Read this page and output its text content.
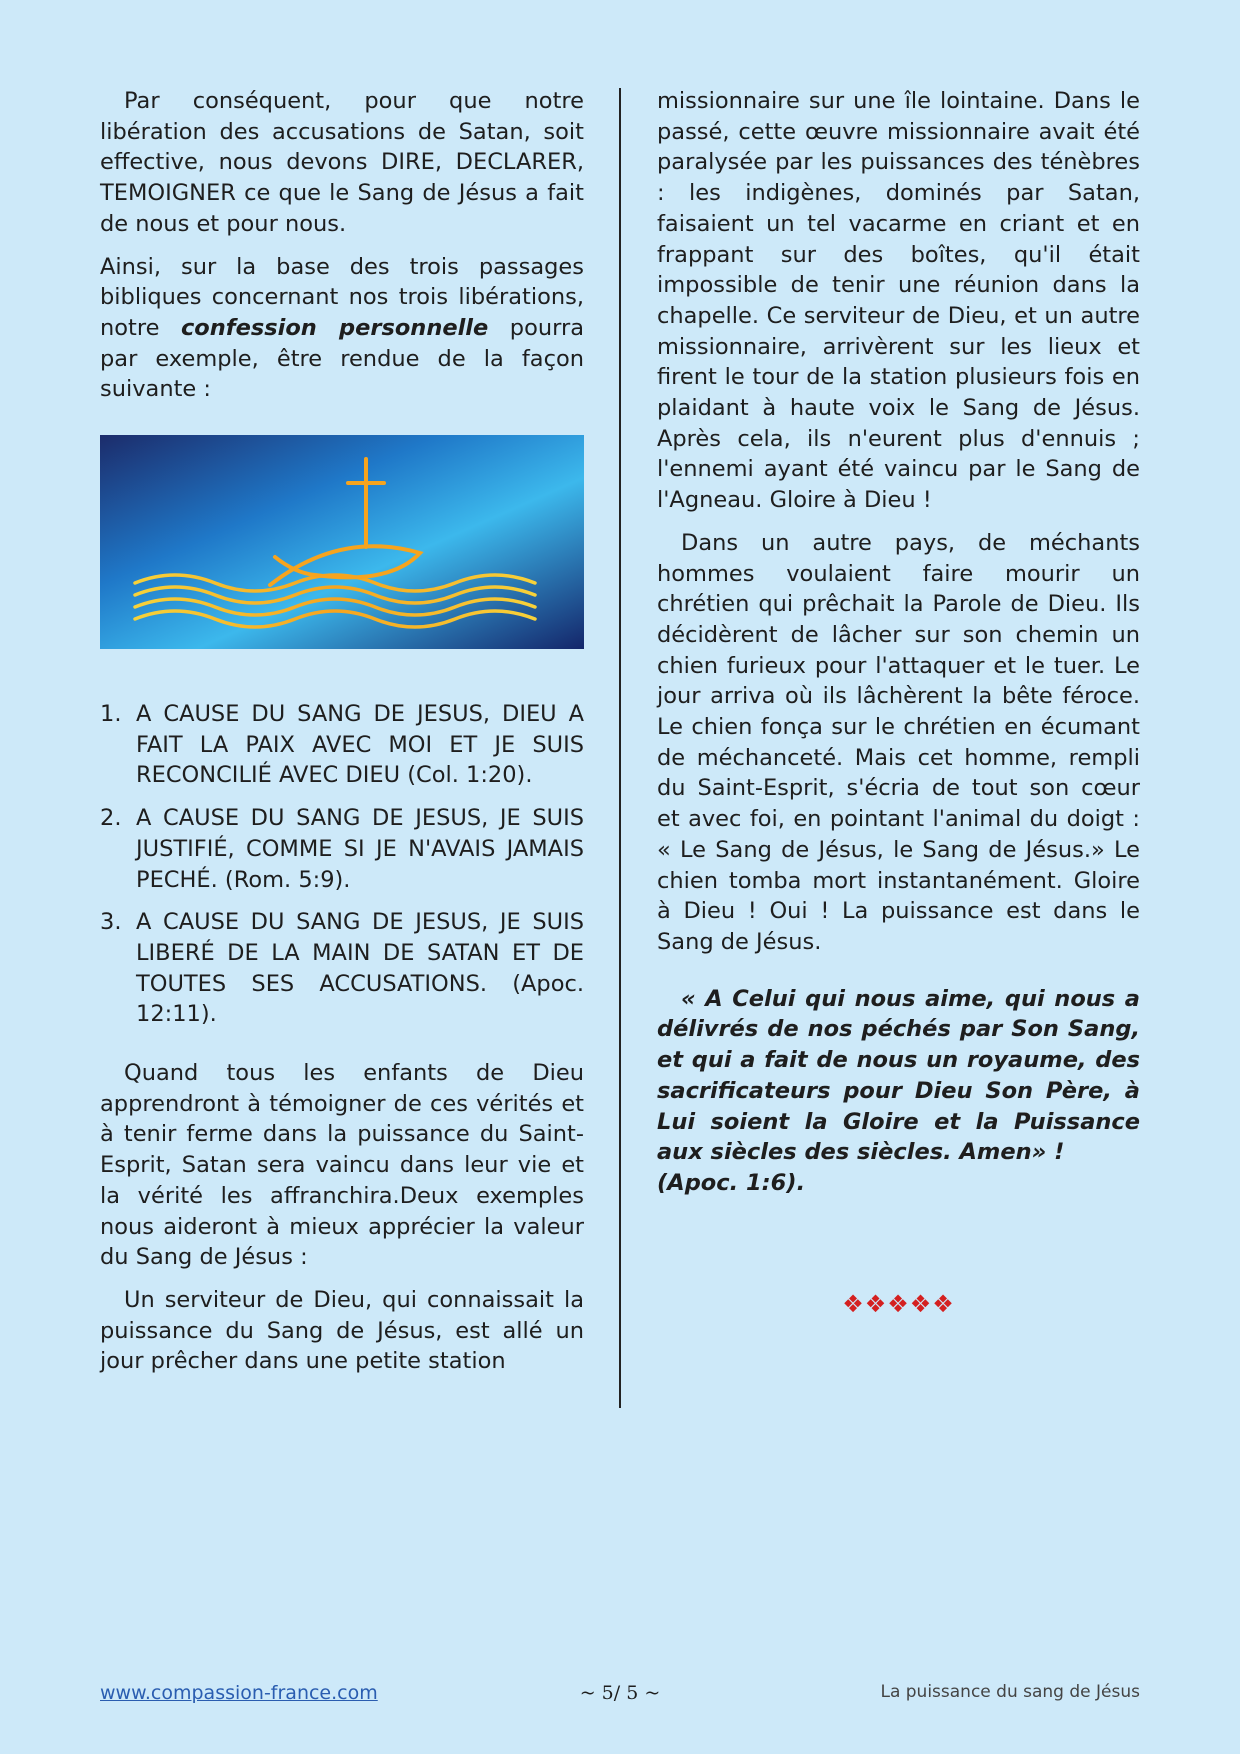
Par conséquent, pour que notre libération des accusations de Satan, soit effective, nous devons DIRE, DECLARER, TEMOIGNER ce que le Sang de Jésus a fait de nous et pour nous.

Ainsi, sur la base des trois passages bibliques concernant nos trois libérations, notre confession personnelle pourra par exemple, être rendue de la façon suivante :

1. A CAUSE DU SANG DE JESUS, DIEU A FAIT LA PAIX AVEC MOI ET JE SUIS RECONCILIÉ AVEC DIEU (Col. 1:20).
2. A CAUSE DU SANG DE JESUS, JE SUIS JUSTIFIÉ, COMME SI JE N'AVAIS JAMAIS PECHÉ. (Rom. 5:9).
3. A CAUSE DU SANG DE JESUS, JE SUIS LIBERÉ DE LA MAIN DE SATAN ET DE TOUTES SES ACCUSATIONS. (Apoc. 12:11).

Quand tous les enfants de Dieu apprendront à témoigner de ces vérités et à tenir ferme dans la puissance du Saint-Esprit, Satan sera vaincu dans leur vie et la vérité les affranchira.Deux exemples nous aideront à mieux apprécier la valeur du Sang de Jésus :

Un serviteur de Dieu, qui connaissait la puissance du Sang de Jésus, est allé un jour prêcher dans une petite station

missionnaire sur une île lointaine. Dans le passé, cette œuvre missionnaire avait été paralysée par les puissances des ténèbres : les indigènes, dominés par Satan, faisaient un tel vacarme en criant et en frappant sur des boîtes, qu'il était impossible de tenir une réunion dans la chapelle. Ce serviteur de Dieu, et un autre missionnaire, arrivèrent sur les lieux et firent le tour de la station plusieurs fois en plaidant à haute voix le Sang de Jésus. Après cela, ils n'eurent plus d'ennuis ; l'ennemi ayant été vaincu par le Sang de l'Agneau. Gloire à Dieu !

Dans un autre pays, de méchants hommes voulaient faire mourir un chrétien qui prêchait la Parole de Dieu. Ils décidèrent de lâcher sur son chemin un chien furieux pour l'attaquer et le tuer. Le jour arriva où ils lâchèrent la bête féroce. Le chien fonça sur le chrétien en écumant de méchanceté. Mais cet homme, rempli du Saint-Esprit, s'écria de tout son cœur et avec foi, en pointant l'animal du doigt : « Le Sang de Jésus, le Sang de Jésus.» Le chien tomba mort instantanément. Gloire à Dieu ! Oui ! La puissance est dans le Sang de Jésus.

« A Celui qui nous aime, qui nous a délivrés de nos péchés par Son Sang, et qui a fait de nous un royaume, des sacrificateurs pour Dieu Son Père, à Lui soient la Gloire et la Puissance aux siècles des siècles. Amen» !
(Apoc. 1:6).
❖❖❖❖❖
www.compassion-france.com	~ 5/ 5 ~	La puissance du sang de Jésus
